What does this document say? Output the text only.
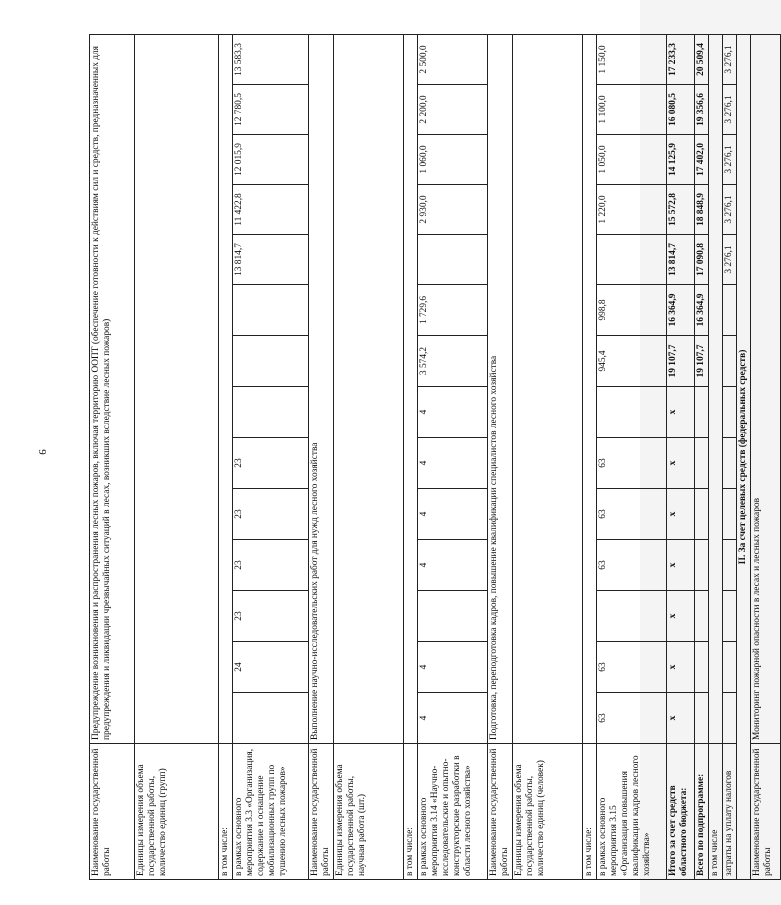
9
Наименование государственной работы	Предупреждение возникновения и распространения лесных пожаров, включая территорию ООПТ (обеспечение готовности к действиям сил и средств, предназначенных для предупреждения и ликвидации чрезвычайных ситуаций в лесах, возникших вследствие лесных пожаров)													
Единицы измерения объема государственной работы, количество единиц (групп)														
в том числе:														
в рамках основного мероприятия 3.3 «Организация, содержание и оснащение мобилизационных групп по тушению лесных пожаров»		24	23	23	23	23				13 814,7	11 422,8	12 015,9	12 780,5	13 583,3
Наименование государственной работы	Выполнение научно-исследовательских работ для нужд лесного хозяйства													
Единицы измерения объема государственной работы, научная работа (шт.)														
в том числе:														
в рамках основного мероприятия 3.14 «Научно-исследовательские и опытно-конструкторские разработки в области лесного хозяйства»	4	4		4	4	4	4	3 574,2	1 729,6		2 930,0	1 060,0	2 200,0	2 500,0
Наименование государственной работы	Подготовка, переподготовка кадров, повышение квалификации специалистов лесного хозяйства													
Единицы измерения объема государственной работы, количество единиц (человек)														
в том числе:														
в рамках основного мероприятия 3.15 «Организация повышения квалификации кадров лесного хозяйства»	63	63		63	63	63		945,4	998,8		1 220,0	1 050,0	1 100,0	1 150,0
Итого за счет средств областного бюджета:	x	x	x	x	x	x	x	19 107,7	16 364,9	13 814,7	15 572,8	14 125,9	16 080,5	17 233,3
Всего по подпрограмме:								19 107,7	16 364,9	17 090,8	18 848,9	17 402,0	19 356,6	20 509,4
в том числе														
затраты на уплату налогов										3 276,1	3 276,1	3 276,1	3 276,1	3 276,1
II. За счет целевых средств (федеральных средств)														
Наименование государственной работы	Мониторинг пожарной опасности в лесах и лесных пожаров													
